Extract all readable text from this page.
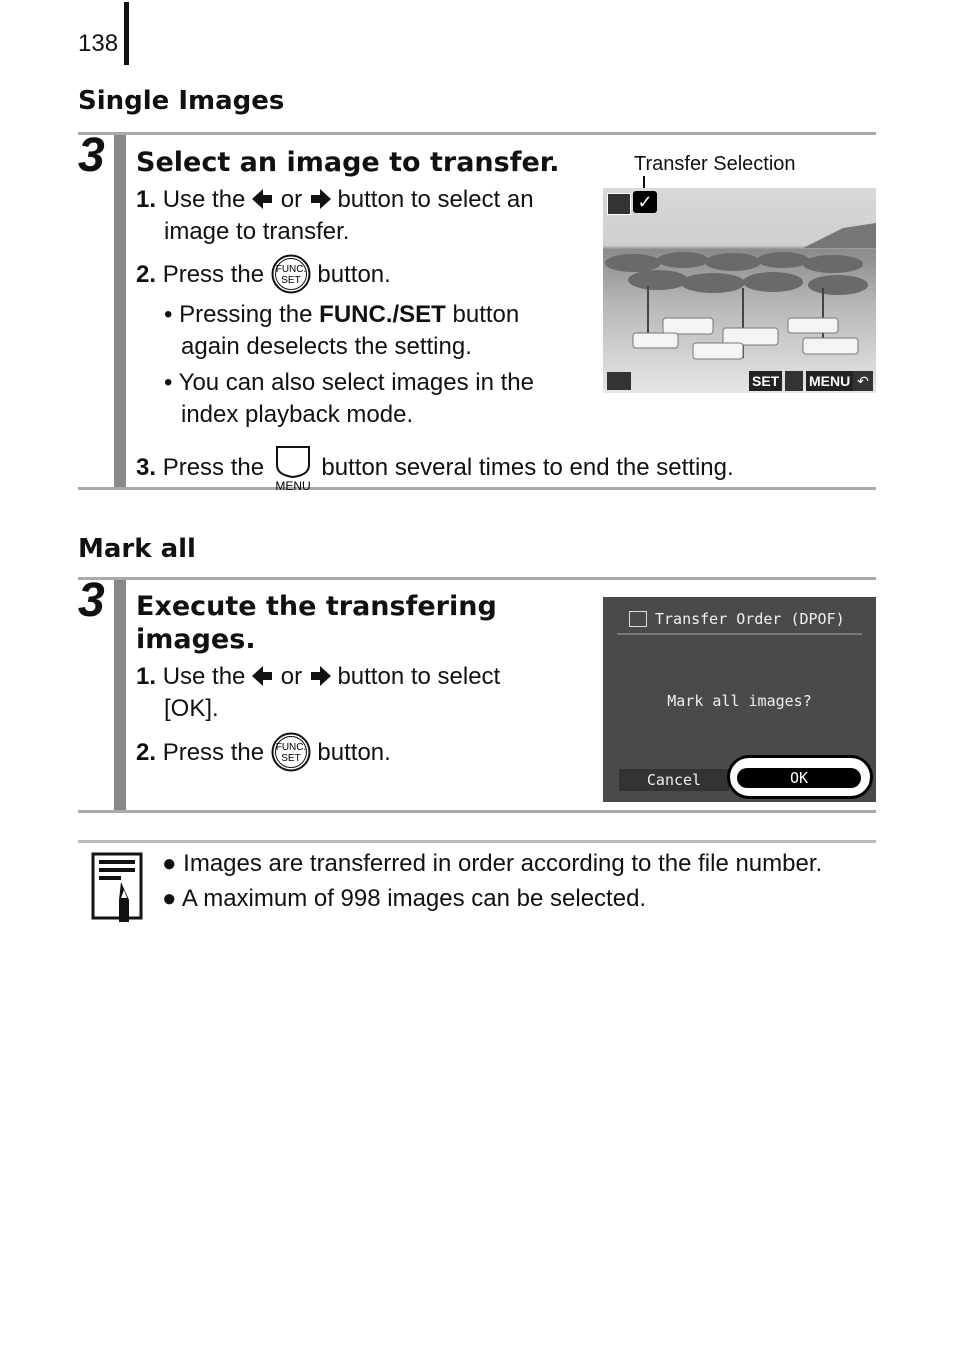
138
Single Images
3 Select an image to transfer.
1. Use the or button to select an
image to transfer.
2. Press the FUNC.
SET button.
• Pressing the FUNC./SET button
again deselects the setting.
• You can also select images in the
index playback mode.
3. Press the
MENU
button several times to end the setting.
Transfer Selection
✓
SET MENU ↶
Mark all
3 Execute the transfering
images.
1. Use the or button to select
[OK].
2. Press the FUNC.
SET button.
Transfer Order (DPOF)
Mark all images?
Cancel	OK
● Images are transferred in order according to the file number.
● A maximum of 998 images can be selected.
